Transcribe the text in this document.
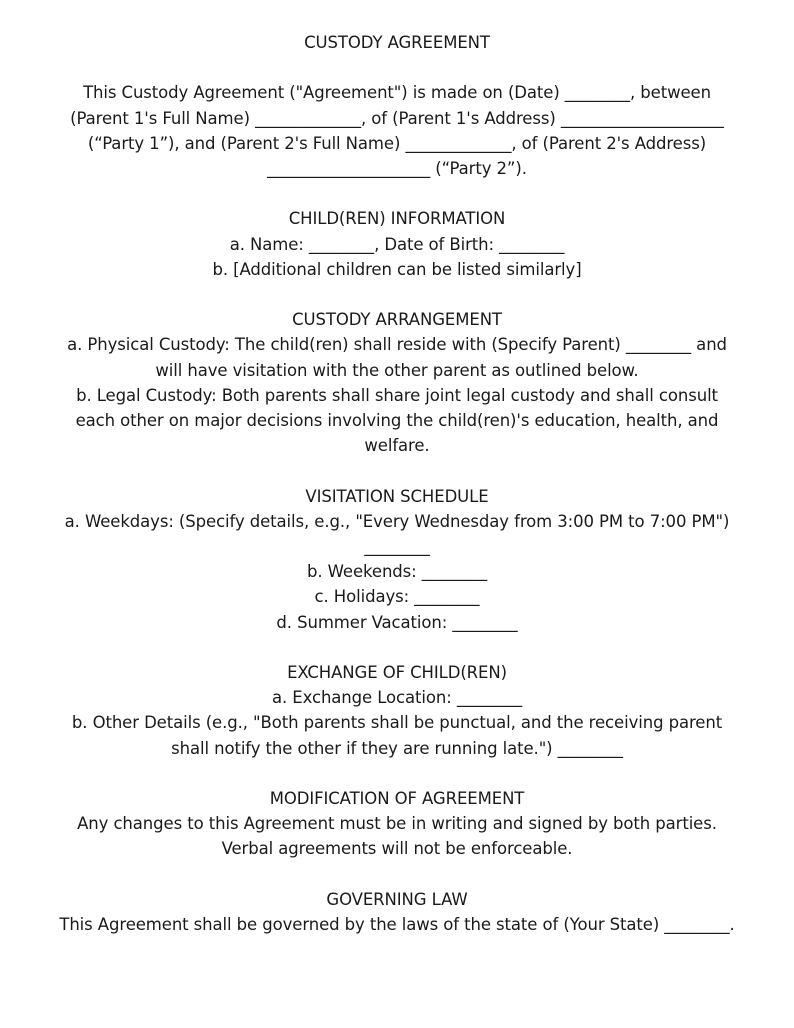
CUSTODY AGREEMENT
This Custody Agreement ("Agreement") is made on (Date) ________, between
(Parent 1's Full Name) _____________, of (Parent 1's Address) ____________________
(“Party 1”), and (Parent 2's Full Name) _____________, of (Parent 2's Address)
____________________ (“Party 2”).
CHILD(REN) INFORMATION
a. Name: ________, Date of Birth: ________
b. [Additional children can be listed similarly]
CUSTODY ARRANGEMENT
a. Physical Custody: The child(ren) shall reside with (Specify Parent) ________ and
will have visitation with the other parent as outlined below.
b. Legal Custody: Both parents shall share joint legal custody and shall consult
each other on major decisions involving the child(ren)'s education, health, and
welfare.
VISITATION SCHEDULE
a. Weekdays: (Specify details, e.g., "Every Wednesday from 3:00 PM to 7:00 PM")
________
b. Weekends: ________
c. Holidays: ________
d. Summer Vacation: ________
EXCHANGE OF CHILD(REN)
a. Exchange Location: ________
b. Other Details (e.g., "Both parents shall be punctual, and the receiving parent
shall notify the other if they are running late.") ________
MODIFICATION OF AGREEMENT
Any changes to this Agreement must be in writing and signed by both parties.
Verbal agreements will not be enforceable.
GOVERNING LAW
This Agreement shall be governed by the laws of the state of (Your State) ________.
